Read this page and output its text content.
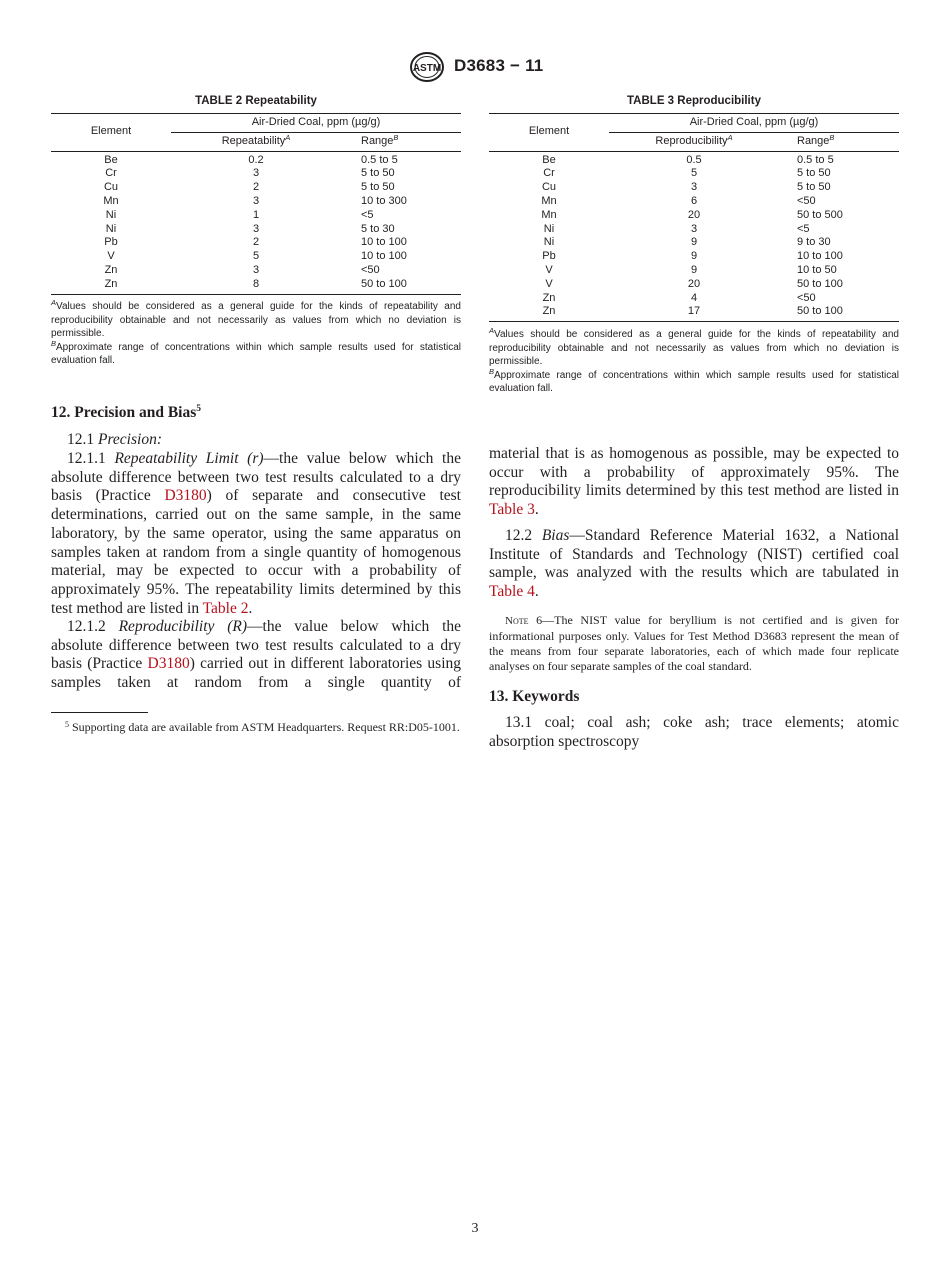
ASTM D3683 − 11
TABLE 2 Repeatability
Element	Air-Dried Coal, ppm (µg/g)	
	Repeatability$^A$	Range$^B$
Be	0.2	0.5 to 5
Cr	3	5 to 50
Cu	2	5 to 50
Mn	3	10 to 300
Ni	1	<5
Ni	3	5 to 30
Pb	2	10 to 100
V	5	10 to 100
Zn	3	<50
Zn	8	50 to 100

$^A$Values should be considered as a general guide for the kinds of repeatability and reproducibility obtainable and not necessarily as values from which no deviation is permissible.

$^B$Approximate range of concentrations within which sample results used for statistical evaluation fall.

TABLE 3 Reproducibility
Element	Air-Dried Coal, ppm (µg/g)	
	Reproducibility$^A$	Range$^B$
Be	0.5	0.5 to 5
Cr	5	5 to 50
Cu	3	5 to 50
Mn	6	<50
Mn	20	50 to 500
Ni	3	<5
Ni	9	9 to 30
Pb	9	10 to 100
V	9	10 to 50
V	20	50 to 100
Zn	4	<50
Zn	17	50 to 100

$^A$Values should be considered as a general guide for the kinds of repeatability and reproducibility obtainable and not necessarily as values from which no deviation is permissible.

$^B$Approximate range of concentrations within which sample results used for statistical evaluation fall.

12. Precision and Bias$^5$

12.1 Precision:

12.1.1 Repeatability Limit (r)—the value below which the absolute difference between two test results calculated to a dry basis (Practice D3180) of separate and consecutive test determinations, carried out on the same sample, in the same laboratory, by the same operator, using the same apparatus on samples taken at random from a single quantity of homogenous material, may be expected to occur with a probability of approximately 95%. The repeatability limits determined by this test method are listed in Table 2.

12.1.2 Reproducibility (R)—the value below which the absolute difference between two test results calculated to a dry basis (Practice D3180) carried out in different laboratories using samples taken at random from a single quantity of

$^5$ Supporting data are available from ASTM Headquarters. Request RR:D05-1001.

material that is as homogenous as possible, may be expected to occur with a probability of approximately 95%. The reproducibility limits determined by this test method are listed in Table 3.

12.2 Bias—Standard Reference Material 1632, a National Institute of Standards and Technology (NIST) certified coal sample, was analyzed with the results which are tabulated in Table 4.

Note 6—The NIST value for beryllium is not certified and is given for informational purposes only. Values for Test Method D3683 represent the mean of the means from four separate laboratories, each of which made four replicate analyses on four separate samples of the coal standard.
13. Keywords

13.1 coal; coal ash; coke ash; trace elements; atomic absorption spectroscopy

3
